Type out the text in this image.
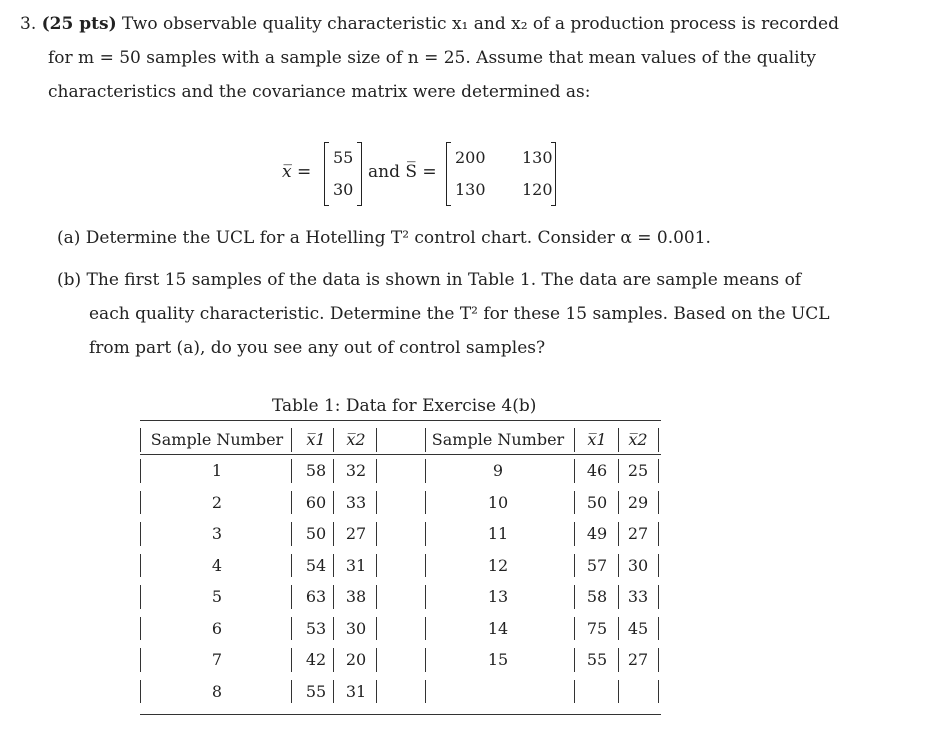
3. (25 pts) Two observable quality characteristic x₁ and x₂ of a production process is recorded
for m = 50 samples with a sample size of n = 25. Assume that mean values of the quality
characteristics and the covariance matrix were determined as:
x̅ =
55
30
and S̅ =
200 130
130 120
(a) Determine the UCL for a Hotelling T² control chart. Consider α = 0.001.
(b) The first 15 samples of the data is shown in Table 1. The data are sample means of
each quality characteristic. Determine the T² for these 15 samples. Based on the UCL
from part (a), do you see any out of control samples?
Table 1: Data for Exercise 4(b)
Sample Number	x̅1	x̅2	Sample Number	x̅1	x̅2
1	58	32	9	46	25
2	60	33	10	50	29
3	50	27	11	49	27
4	54	31	12	57	30
5	63	38	13	58	33
6	53	30	14	75	45
7	42	20	15	55	27
8	55	31
